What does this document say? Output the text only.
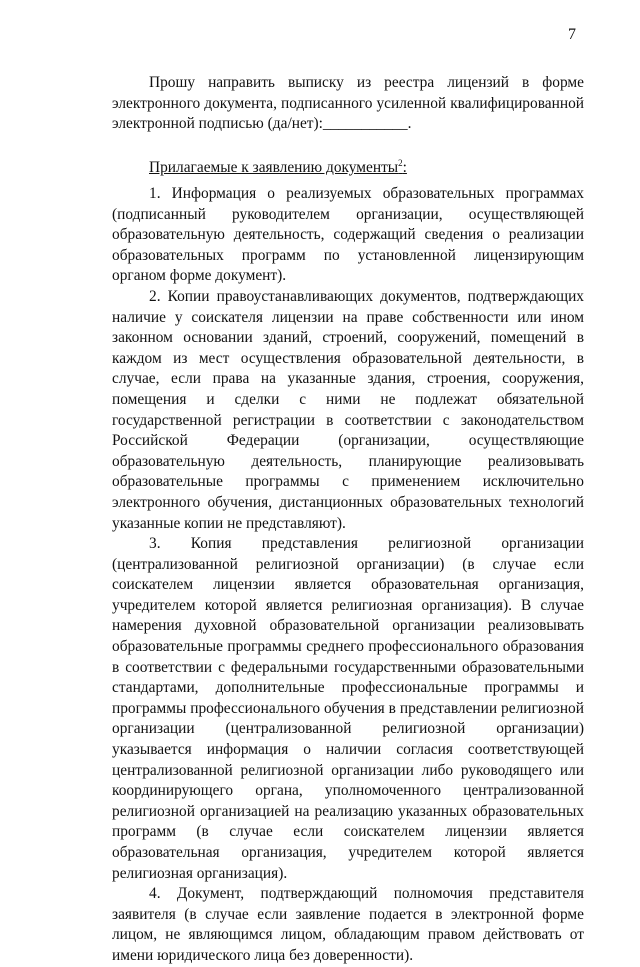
7

Прошу направить выписку из реестра лицензий в форме электронного документа, подписанного усиленной квалифицированной электронной подписью (да/нет):___________.

Прилагаемые к заявлению документы$^2$:

1. Информация о реализуемых образовательных программах (подписанный руководителем организации, осуществляющей образовательную деятельность, содержащий сведения о реализации образовательных программ по установленной лицензирующим органом форме документ).

2. Копии правоустанавливающих документов, подтверждающих наличие у соискателя лицензии на праве собственности или ином законном основании зданий, строений, сооружений, помещений в каждом из мест осуществления образовательной деятельности, в случае, если права на указанные здания, строения, сооружения, помещения и сделки с ними не подлежат обязательной государственной регистрации в соответствии с законодательством Российской Федерации (организации, осуществляющие образовательную деятельность, планирующие реализовывать образовательные программы с применением исключительно электронного обучения, дистанционных образовательных технологий указанные копии не представляют).

3. Копия представления религиозной организации (централизованной религиозной организации) (в случае если соискателем лицензии является образовательная организация, учредителем которой является религиозная организация). В случае намерения духовной образовательной организации реализовывать образовательные программы среднего профессионального образования в соответствии с федеральными государственными образовательными стандартами, дополнительные профессиональные программы и программы профессионального обучения в представлении религиозной организации (централизованной религиозной организации) указывается информация о наличии согласия соответствующей централизованной религиозной организации либо руководящего или координирующего органа, уполномоченного централизованной религиозной организацией на реализацию указанных образовательных программ (в случае если соискателем лицензии является образовательная организация, учредителем которой является религиозная организация).

4. Документ, подтверждающий полномочия представителя заявителя (в случае если заявление подается в электронной форме лицом, не являющимся лицом, обладающим правом действовать от имени юридического лица без доверенности).
